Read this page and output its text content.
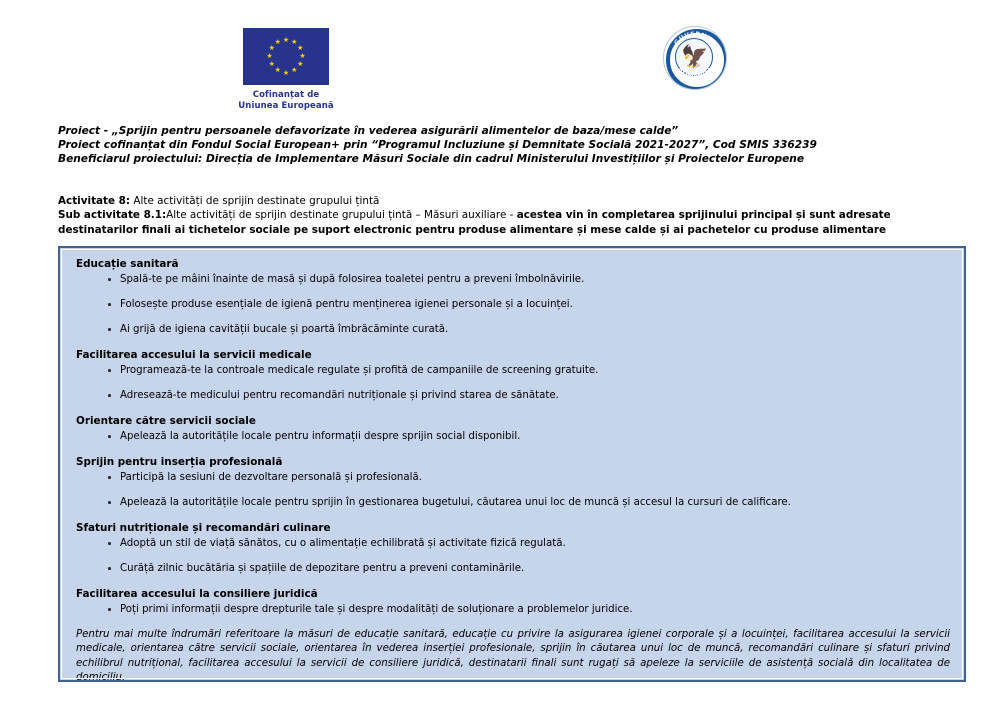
★ ★
★
★
★
★
★
★
★
★
★
★
Cofinanțat de
Uniunea Europeană
🦅
GUVERNUL
ROMÂNIEI
Proiect - „Sprijin pentru persoanele defavorizate în vederea asigurării alimentelor de baza/mese calde”
Proiect cofinanțat din Fondul Social European+ prin “Programul Incluziune și Demnitate Socială 2021-2027”, Cod SMIS 336239
Beneficiarul proiectului: Direcția de Implementare Măsuri Sociale din cadrul Ministerului Investițiilor și Proiectelor Europene

Activitate 8: Alte activități de sprijin destinate grupului țintă

Sub activitate 8.1:Alte activități de sprijin destinate grupului țintă – Măsuri auxiliare - acestea vin în completarea sprijinului principal și sunt adresate destinatarilor finali ai tichetelor sociale pe suport electronic pentru produse alimentare și mese calde și ai pachetelor cu produse alimentare

Educație sanitară
Spală-te pe mâini înainte de masă și după folosirea toaletei pentru a preveni îmbolnăvirile.
Folosește produse esențiale de igienă pentru menținerea igienei personale și a locuinței.
Ai grijă de igiena cavității bucale și poartă îmbrăcăminte curată.
Facilitarea accesului la servicii medicale
Programează-te la controale medicale regulate și profită de campaniile de screening gratuite.
Adresează-te medicului pentru recomandări nutriționale și privind starea de sănătate.
Orientare către servicii sociale
Apelează la autoritățile locale pentru informații despre sprijin social disponibil.
Sprijin pentru inserția profesională
Participă la sesiuni de dezvoltare personală și profesională.
Apelează la autoritățile locale pentru sprijin în gestionarea bugetului, căutarea unui loc de muncă și accesul la cursuri de calificare.
Sfaturi nutriționale și recomandări culinare
Adoptă un stil de viață sănătos, cu o alimentație echilibrată și activitate fizică regulată.
Curăță zilnic bucătăria și spațiile de depozitare pentru a preveni contaminările.
Facilitarea accesului la consiliere juridică
Poți primi informații despre drepturile tale și despre modalități de soluționare a problemelor juridice.

Pentru mai multe îndrumări referitoare la măsuri de educație sanitară, educație cu privire la asigurarea igienei corporale și a locuinței, facilitarea accesului la servicii medicale, orientarea către servicii sociale, orientarea în vederea inserției profesionale, sprijin în căutarea unui loc de muncă, recomandări culinare și sfaturi privind echilibrul nutrițional, facilitarea accesului la servicii de consiliere juridică, destinatarii finali sunt rugați să apeleze la serviciile de asistență socială din localitatea de domiciliu.
